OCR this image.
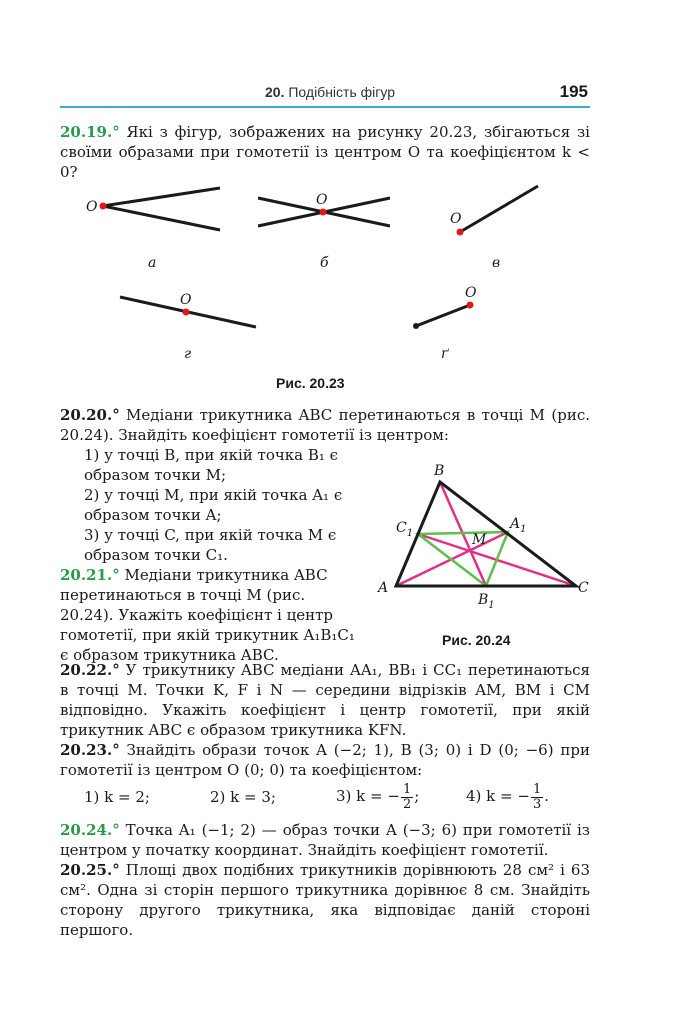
20. Подібність фігур	195
20.19.° Які з фігур, зображених на рисунку 20.23, збігаються зі своїми образами при гомотетії із центром O та коефіцієнтом k < 0?
O
а
O
б
O
в
O
г
O
ґ
Рис. 20.23
20.20.° Медіани трикутника ABC перетинаються в точці M (рис. 20.24). Знайдіть коефіцієнт гомотетії із центром:
1) у точці B, при якій точка B₁ є образом точки M;
2) у точці M, при якій точка A₁ є образом точки A;
3) у точці C, при якій точка M є образом точки C₁.
20.21.° Медіани трикутника ABC перетинаються в точці M (рис. 20.24). Укажіть коефіцієнт і центр гомотетії, при якій трикутник A₁B₁C₁ є образом трикутника ABC.
B
A	C
M
$C_1$
$A_1$
$B_1$
Рис. 20.24
20.22.° У трикутнику ABC медіани AA₁, BB₁ і CC₁ перетинаються в точці M. Точки K, F і N — середини відрізків AM, BM і CM відповідно. Укажіть коефіцієнт і центр гомотетії, при якій трикутник ABC є образом трикутника KFN.
20.23.° Знайдіть образи точок A (−2; 1), B (3; 0) і D (0; −6) при гомотетії із центром O (0; 0) та коефіцієнтом:
1) k = 2;	2) k = 3;	3) k = − $\frac{1}{2}$ ;	4) k = − $\frac{1}{3}$ .
20.24.° Точка A₁ (−1; 2) — образ точки A (−3; 6) при гомотетії із центром у початку координат. Знайдіть коефіцієнт гомотетії.
20.25.° Площі двох подібних трикутників дорівнюють 28 см² і 63 см². Одна зі сторін першого трикутника дорівнює 8 см. Знайдіть сторону другого трикутника, яка відповідає даній стороні першого.
